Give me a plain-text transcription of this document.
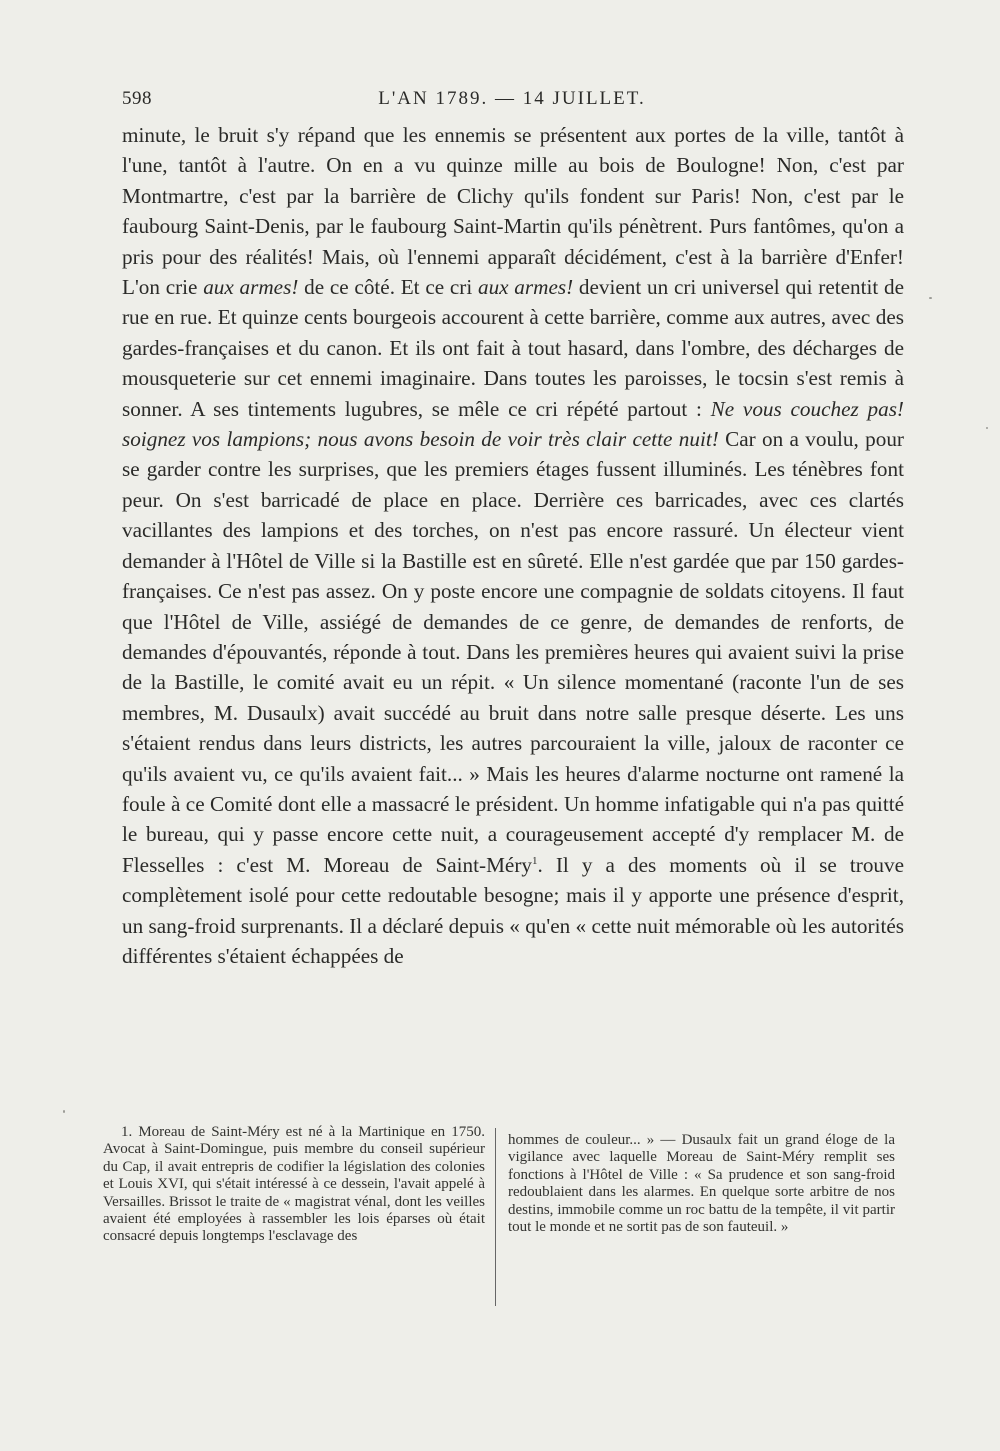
598	L'AN 1789. — 14 JUILLET.

minute, le bruit s'y répand que les ennemis se présentent aux portes de la ville, tantôt à l'une, tantôt à l'autre. On en a vu quinze mille au bois de Boulogne! Non, c'est par Montmartre, c'est par la barrière de Clichy qu'ils fondent sur Paris! Non, c'est par le faubourg Saint-Denis, par le faubourg Saint-Martin qu'ils pénètrent. Purs fantômes, qu'on a pris pour des réalités! Mais, où l'ennemi apparaît décidément, c'est à la barrière d'Enfer! L'on crie aux armes! de ce côté. Et ce cri aux armes! devient un cri universel qui retentit de rue en rue. Et quinze cents bourgeois accourent à cette barrière, comme aux autres, avec des gardes-françaises et du canon. Et ils ont fait à tout hasard, dans l'ombre, des décharges de mousqueterie sur cet ennemi imaginaire. Dans toutes les paroisses, le tocsin s'est remis à sonner. A ses tintements lugubres, se mêle ce cri répété partout : Ne vous couchez pas! soignez vos lampions; nous avons besoin de voir très clair cette nuit! Car on a voulu, pour se garder contre les surprises, que les premiers étages fussent illuminés. Les ténèbres font peur. On s'est barricadé de place en place. Derrière ces barricades, avec ces clartés vacillantes des lampions et des torches, on n'est pas encore rassuré. Un électeur vient demander à l'Hôtel de Ville si la Bastille est en sûreté. Elle n'est gardée que par 150 gardes-françaises. Ce n'est pas assez. On y poste encore une compagnie de soldats citoyens. Il faut que l'Hôtel de Ville, assiégé de demandes de ce genre, de demandes de renforts, de demandes d'épouvantés, réponde à tout. Dans les premières heures qui avaient suivi la prise de la Bastille, le comité avait eu un répit. « Un silence momentané (raconte l'un de ses membres, M. Dusaulx) avait succédé au bruit dans notre salle presque déserte. Les uns s'étaient rendus dans leurs districts, les autres parcouraient la ville, jaloux de raconter ce qu'ils avaient vu, ce qu'ils avaient fait... » Mais les heures d'alarme nocturne ont ramené la foule à ce Comité dont elle a massacré le président. Un homme infatigable qui n'a pas quitté le bureau, qui y passe encore cette nuit, a courageusement accepté d'y remplacer M. de Flesselles : c'est M. Moreau de Saint-Méry$^1$. Il y a des moments où il se trouve complètement isolé pour cette redoutable besogne; mais il y apporte une présence d'esprit, un sang-froid surprenants. Il a déclaré depuis « qu'en « cette nuit mémorable où les autorités différentes s'étaient échappées de

1. Moreau de Saint-Méry est né à la Martinique en 1750. Avocat à Saint-Domingue, puis membre du conseil supérieur du Cap, il avait entrepris de codifier la législation des colonies et Louis XVI, qui s'était intéressé à ce dessein, l'avait appelé à Versailles. Brissot le traite de « magistrat vénal, dont les veilles avaient été employées à rassembler les lois éparses où était consacré depuis longtemps l'esclavage des

hommes de couleur... » — Dusaulx fait un grand éloge de la vigilance avec laquelle Moreau de Saint-Méry remplit ses fonctions à l'Hôtel de Ville : « Sa prudence et son sang-froid redoublaient dans les alarmes. En quelque sorte arbitre de nos destins, immobile comme un roc battu de la tempête, il vit partir tout le monde et ne sortit pas de son fauteuil. »
